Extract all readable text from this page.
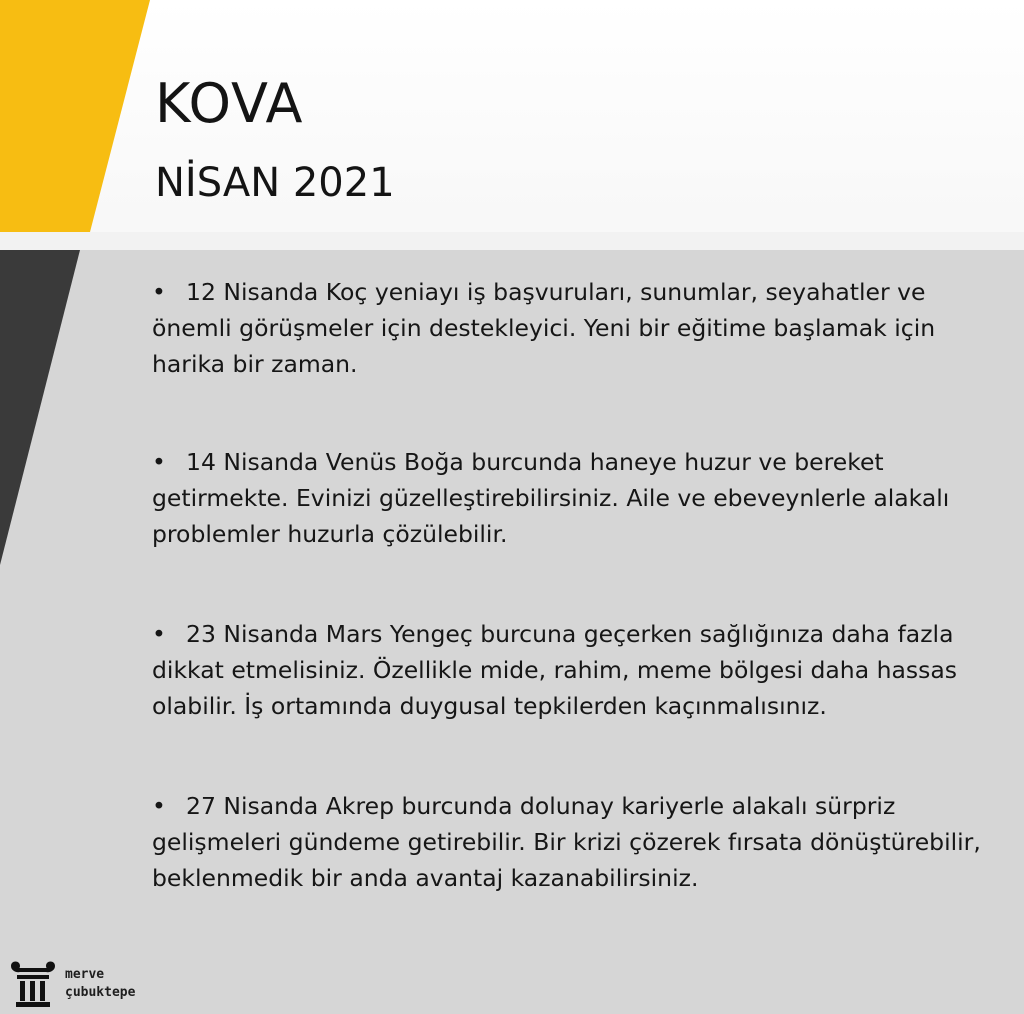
KOVA
NİSAN 2021
• 12 Nisanda Koç yeniayı iş başvuruları, sunumlar, seyahatler ve önemli görüşmeler için destekleyici. Yeni bir eğitime başlamak için harika bir zaman.
• 14 Nisanda Venüs Boğa burcunda haneye huzur ve bereket getirmekte. Evinizi güzelleştirebilirsiniz. Aile ve ebeveynlerle alakalı problemler huzurla çözülebilir.
• 23 Nisanda Mars Yengeç burcuna geçerken sağlığınıza daha fazla dikkat etmelisiniz. Özellikle mide, rahim, meme bölgesi daha hassas olabilir. İş ortamında duygusal tepkilerden kaçınmalısınız.
• 27 Nisanda Akrep burcunda dolunay kariyerle alakalı sürpriz gelişmeleri gündeme getirebilir. Bir krizi çözerek fırsata dönüştürebilir, beklenmedik bir anda avantaj kazanabilirsiniz.
merve
çubuktepe
